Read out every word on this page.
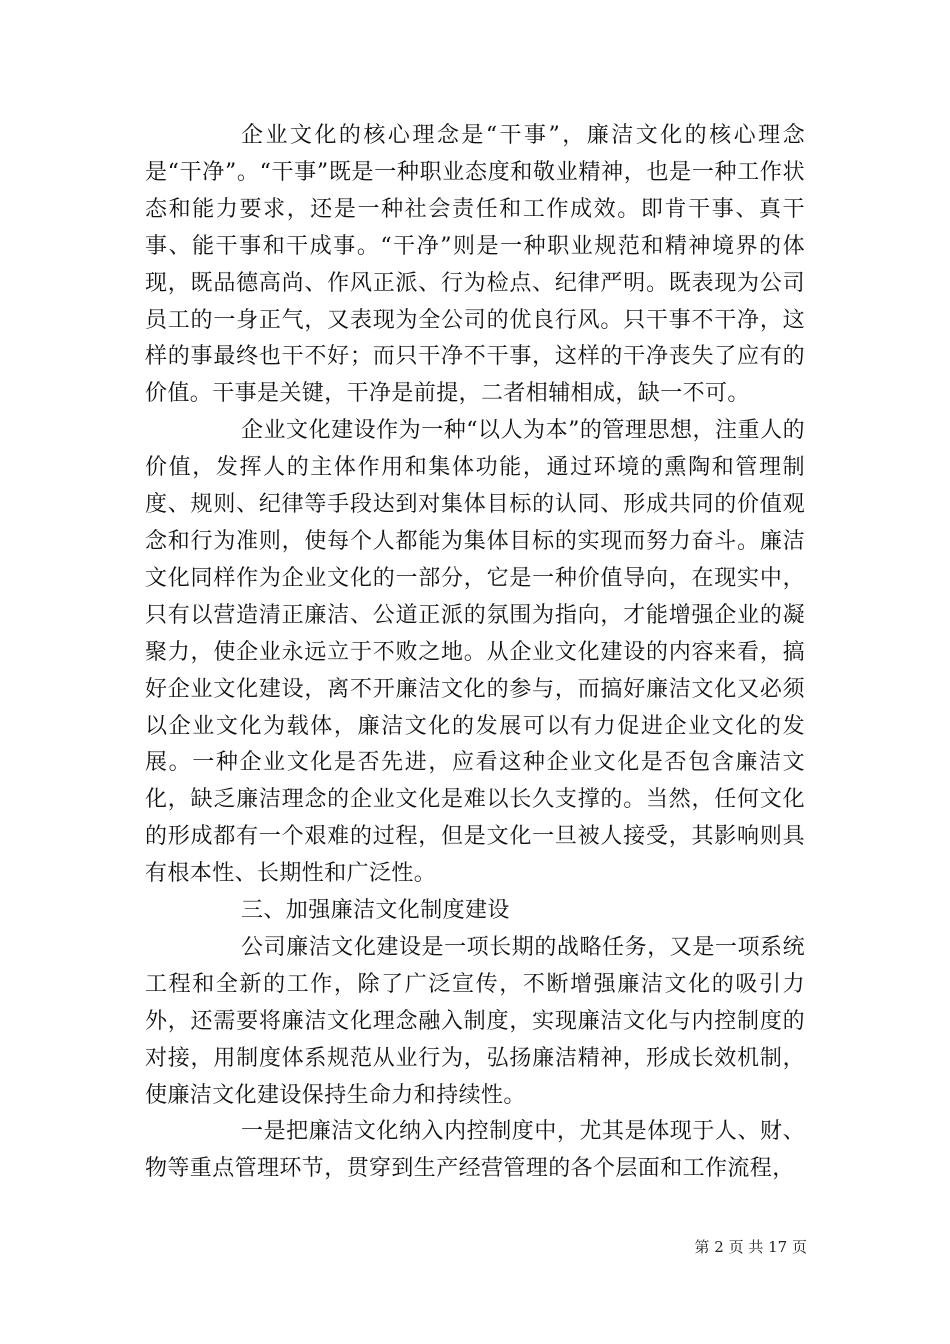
企业文化的核心理念是“干事”，廉洁文化的核心理念是“干净”。“干事”既是一种职业态度和敬业精神，也是一种工作状态和能力要求，还是一种社会责任和工作成效。即肯干事、真干事、能干事和干成事。“干净”则是一种职业规范和精神境界的体现，既品德高尚、作风正派、行为检点、纪律严明。既表现为公司员工的一身正气，又表现为全公司的优良行风。只干事不干净，这样的事最终也干不好；而只干净不干事，这样的干净丧失了应有的价值。干事是关键，干净是前提，二者相辅相成，缺一不可。

企业文化建设作为一种“以人为本”的管理思想，注重人的价值，发挥人的主体作用和集体功能，通过环境的熏陶和管理制度、规则、纪律等手段达到对集体目标的认同、形成共同的价值观念和行为准则，使每个人都能为集体目标的实现而努力奋斗。廉洁文化同样作为企业文化的一部分，它是一种价值导向，在现实中，只有以营造清正廉洁、公道正派的氛围为指向，才能增强企业的凝聚力，使企业永远立于不败之地。从企业文化建设的内容来看，搞好企业文化建设，离不开廉洁文化的参与，而搞好廉洁文化又必须以企业文化为载体，廉洁文化的发展可以有力促进企业文化的发展。一种企业文化是否先进，应看这种企业文化是否包含廉洁文化，缺乏廉洁理念的企业文化是难以长久支撑的。当然，任何文化的形成都有一个艰难的过程，但是文化一旦被人接受，其影响则具有根本性、长期性和广泛性。

三、加强廉洁文化制度建设

公司廉洁文化建设是一项长期的战略任务，又是一项系统工程和全新的工作，除了广泛宣传，不断增强廉洁文化的吸引力外，还需要将廉洁文化理念融入制度，实现廉洁文化与内控制度的对接，用制度体系规范从业行为，弘扬廉洁精神，形成长效机制，使廉洁文化建设保持生命力和持续性。

一是把廉洁文化纳入内控制度中，尤其是体现于人、财、物等重点管理环节，贯穿到生产经营管理的各个层面和工作流程，

第 2 页 共 17 页
